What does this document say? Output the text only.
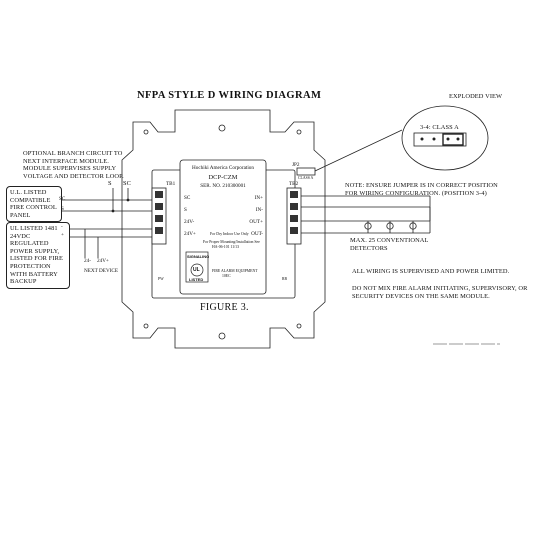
NFPA STYLE D WIRING DIAGRAM	EXPLODED VIEW
3-4: CLASS A
OPTIONAL BRANCH CIRCUIT TO
NEXT INTERFACE MODULE.
MODULE SUPERVISES SUPPLY
VOLTAGE AND DETECTOR LOOP.
S SC
U.L. LISTED
COMPATIBLE
FIRE CONTROL
PANEL
SC
S
UL LISTED 1481
24VDC
REGULATED
POWER SUPPLY,
LISTED FOR FIRE
PROTECTION
WITH BATTERY
BACKUP
-
+
24- 24V+
NEXT DEVICE
TB1	TB2
JP2
CLASS A
Hochiki America Corporation
DCP-CZM
SER. NO. 210300001
SC
S
24V-
24V+
IN+
IN-
OUT+
OUT-
For Dry Indoor Use Only
For Proper Mounting/Installation See
HA-06-101 11/13
SIGNALING
UL
LISTED
FIRE ALARM EQUIPMENT
10EC
PW	RB
NOTE: ENSURE JUMPER IS IN CORRECT POSITION
FOR WIRING CONFIGURATION. (POSITION 3-4)
MAX. 25 CONVENTIONAL
DETECTORS
ALL WIRING IS SUPERVISED AND POWER LIMITED.
DO NOT MIX FIRE ALARM INITIATING, SUPERVISORY, OR
SECURITY DEVICES ON THE SAME MODULE.
FIGURE 3.
